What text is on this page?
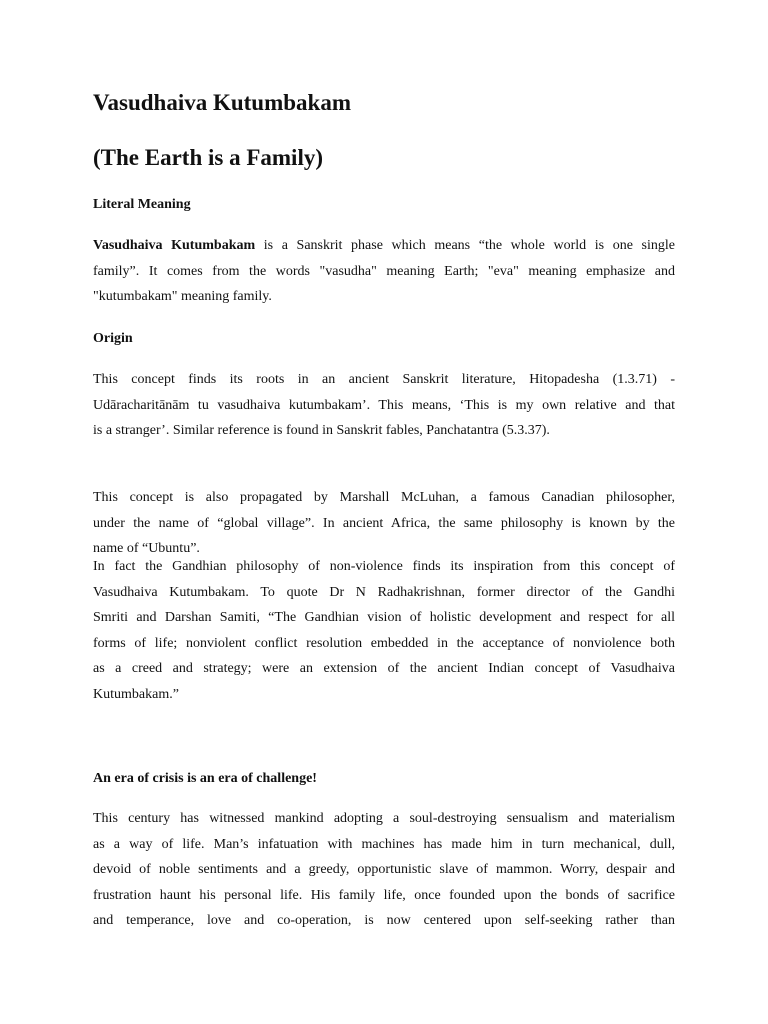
Vasudhaiva Kutumbakam
(The Earth is a Family)
Literal Meaning
Vasudhaiva Kutumbakam is a Sanskrit phase which means “the whole world is one single
family”. It comes from the words "vasudha" meaning Earth; "eva" meaning emphasize and
"kutumbakam" meaning family.
Origin
This concept finds its roots in an ancient Sanskrit literature, Hitopadesha (1.3.71) -
Udāracharitānām tu vasudhaiva kutumbakam’. This means, ‘This is my own relative and that
is a stranger’. Similar reference is found in Sanskrit fables, Panchatantra (5.3.37).
This concept is also propagated by Marshall McLuhan, a famous Canadian philosopher,
under the name of “global village”. In ancient Africa, the same philosophy is known by the
name of “Ubuntu”.
In fact the Gandhian philosophy of non-violence finds its inspiration from this concept of
Vasudhaiva Kutumbakam. To quote Dr N Radhakrishnan, former director of the Gandhi
Smriti and Darshan Samiti, “The Gandhian vision of holistic development and respect for all
forms of life; nonviolent conflict resolution embedded in the acceptance of nonviolence both
as a creed and strategy; were an extension of the ancient Indian concept of Vasudhaiva
Kutumbakam.”
An era of crisis is an era of challenge!
This century has witnessed mankind adopting a soul-destroying sensualism and materialism
as a way of life. Man’s infatuation with machines has made him in turn mechanical, dull,
devoid of noble sentiments and a greedy, opportunistic slave of mammon. Worry, despair and
frustration haunt his personal life. His family life, once founded upon the bonds of sacrifice
and temperance, love and co-operation, is now centered upon self-seeking rather than
